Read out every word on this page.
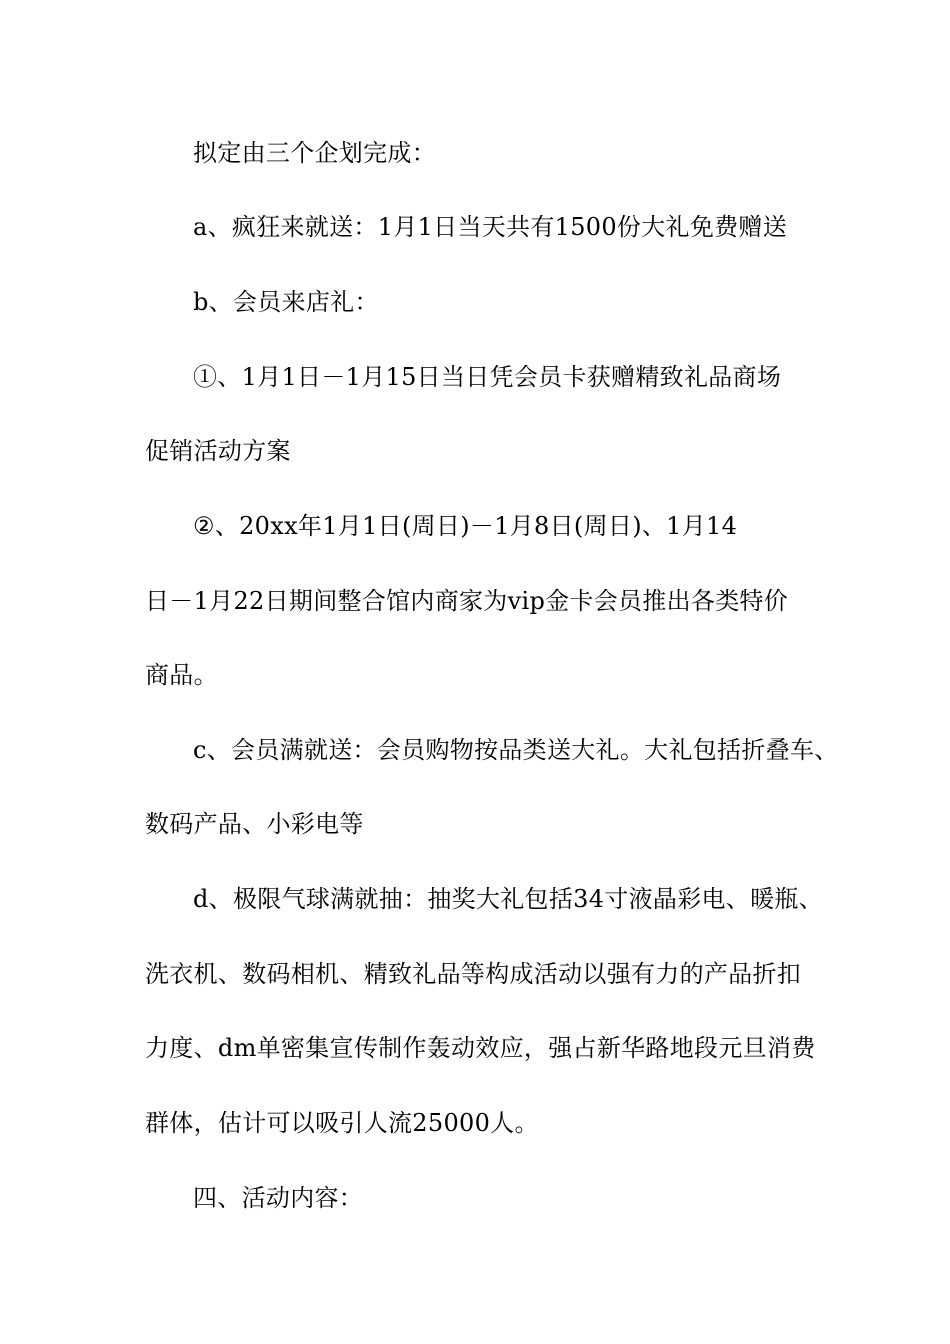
拟定由三个企划完成：
a、疯狂来就送：1月1日当天共有1500份大礼免费赠送
b、会员来店礼：
①、1月1日－1月15日当日凭会员卡获赠精致礼品商场
促销活动方案
②、20xx年1月1日(周日)－1月8日(周日)、1月14
日－1月22日期间整合馆内商家为vip金卡会员推出各类特价
商品。
c、会员满就送：会员购物按品类送大礼。大礼包括折叠车、
数码产品、小彩电等
d、极限气球满就抽：抽奖大礼包括34寸液晶彩电、暖瓶、
洗衣机、数码相机、精致礼品等构成活动以强有力的产品折扣
力度、dm单密集宣传制作轰动效应，强占新华路地段元旦消费
群体，估计可以吸引人流25000人。
四、活动内容：
